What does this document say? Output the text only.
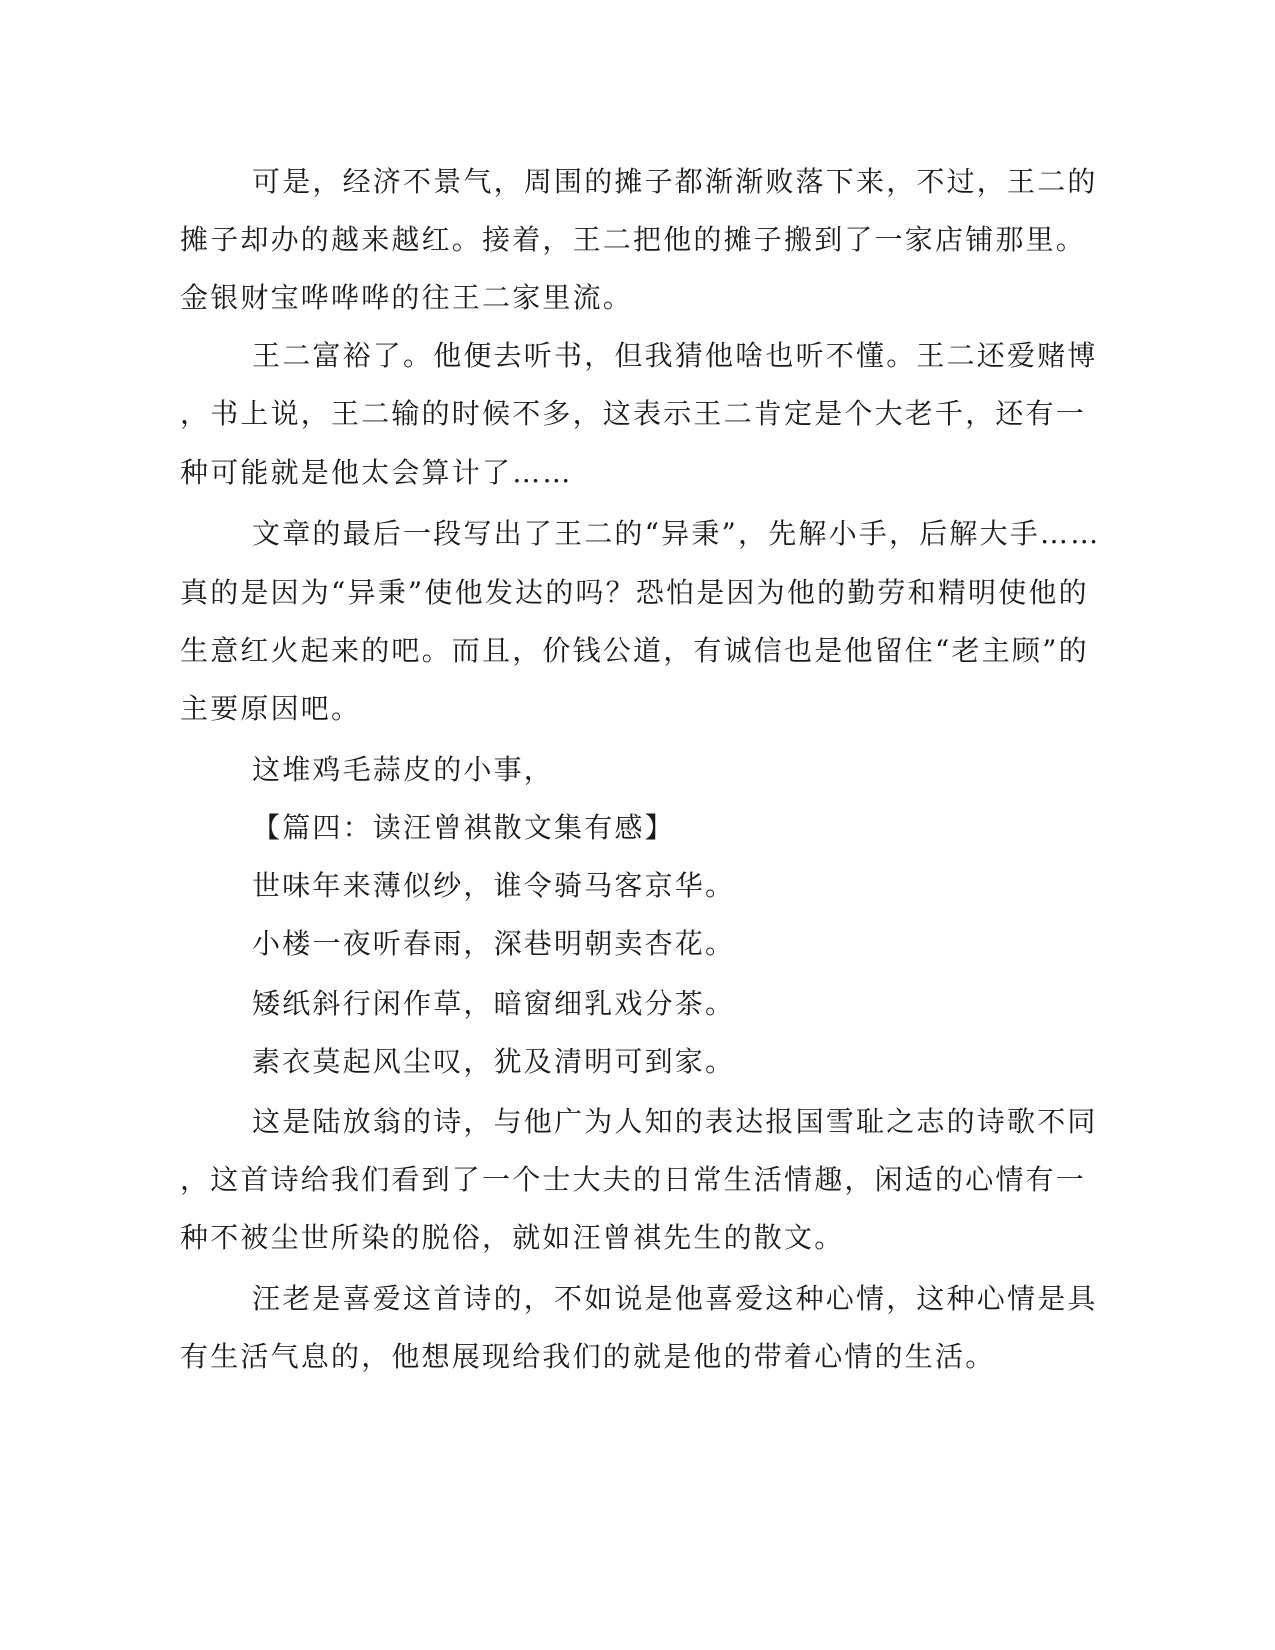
可是，经济不景气，周围的摊子都渐渐败落下来，不过，王二的
摊子却办的越来越红。接着，王二把他的摊子搬到了一家店铺那里。
金银财宝哗哗哗的往王二家里流。
王二富裕了。他便去听书，但我猜他啥也听不懂。王二还爱赌博
，书上说，王二输的时候不多，这表示王二肯定是个大老千，还有一
种可能就是他太会算计了……
文章的最后一段写出了王二的“异秉”，先解小手，后解大手……
真的是因为“异秉”使他发达的吗？恐怕是因为他的勤劳和精明使他的
生意红火起来的吧。而且，价钱公道，有诚信也是他留住“老主顾”的
主要原因吧。
这堆鸡毛蒜皮的小事，
【篇四：读汪曾祺散文集有感】
世味年来薄似纱，谁令骑马客京华。
小楼一夜听春雨，深巷明朝卖杏花。
矮纸斜行闲作草，暗窗细乳戏分茶。
素衣莫起风尘叹，犹及清明可到家。
这是陆放翁的诗，与他广为人知的表达报国雪耻之志的诗歌不同
，这首诗给我们看到了一个士大夫的日常生活情趣，闲适的心情有一
种不被尘世所染的脱俗，就如汪曾祺先生的散文。
汪老是喜爱这首诗的，不如说是他喜爱这种心情，这种心情是具
有生活气息的，他想展现给我们的就是他的带着心情的生活。
